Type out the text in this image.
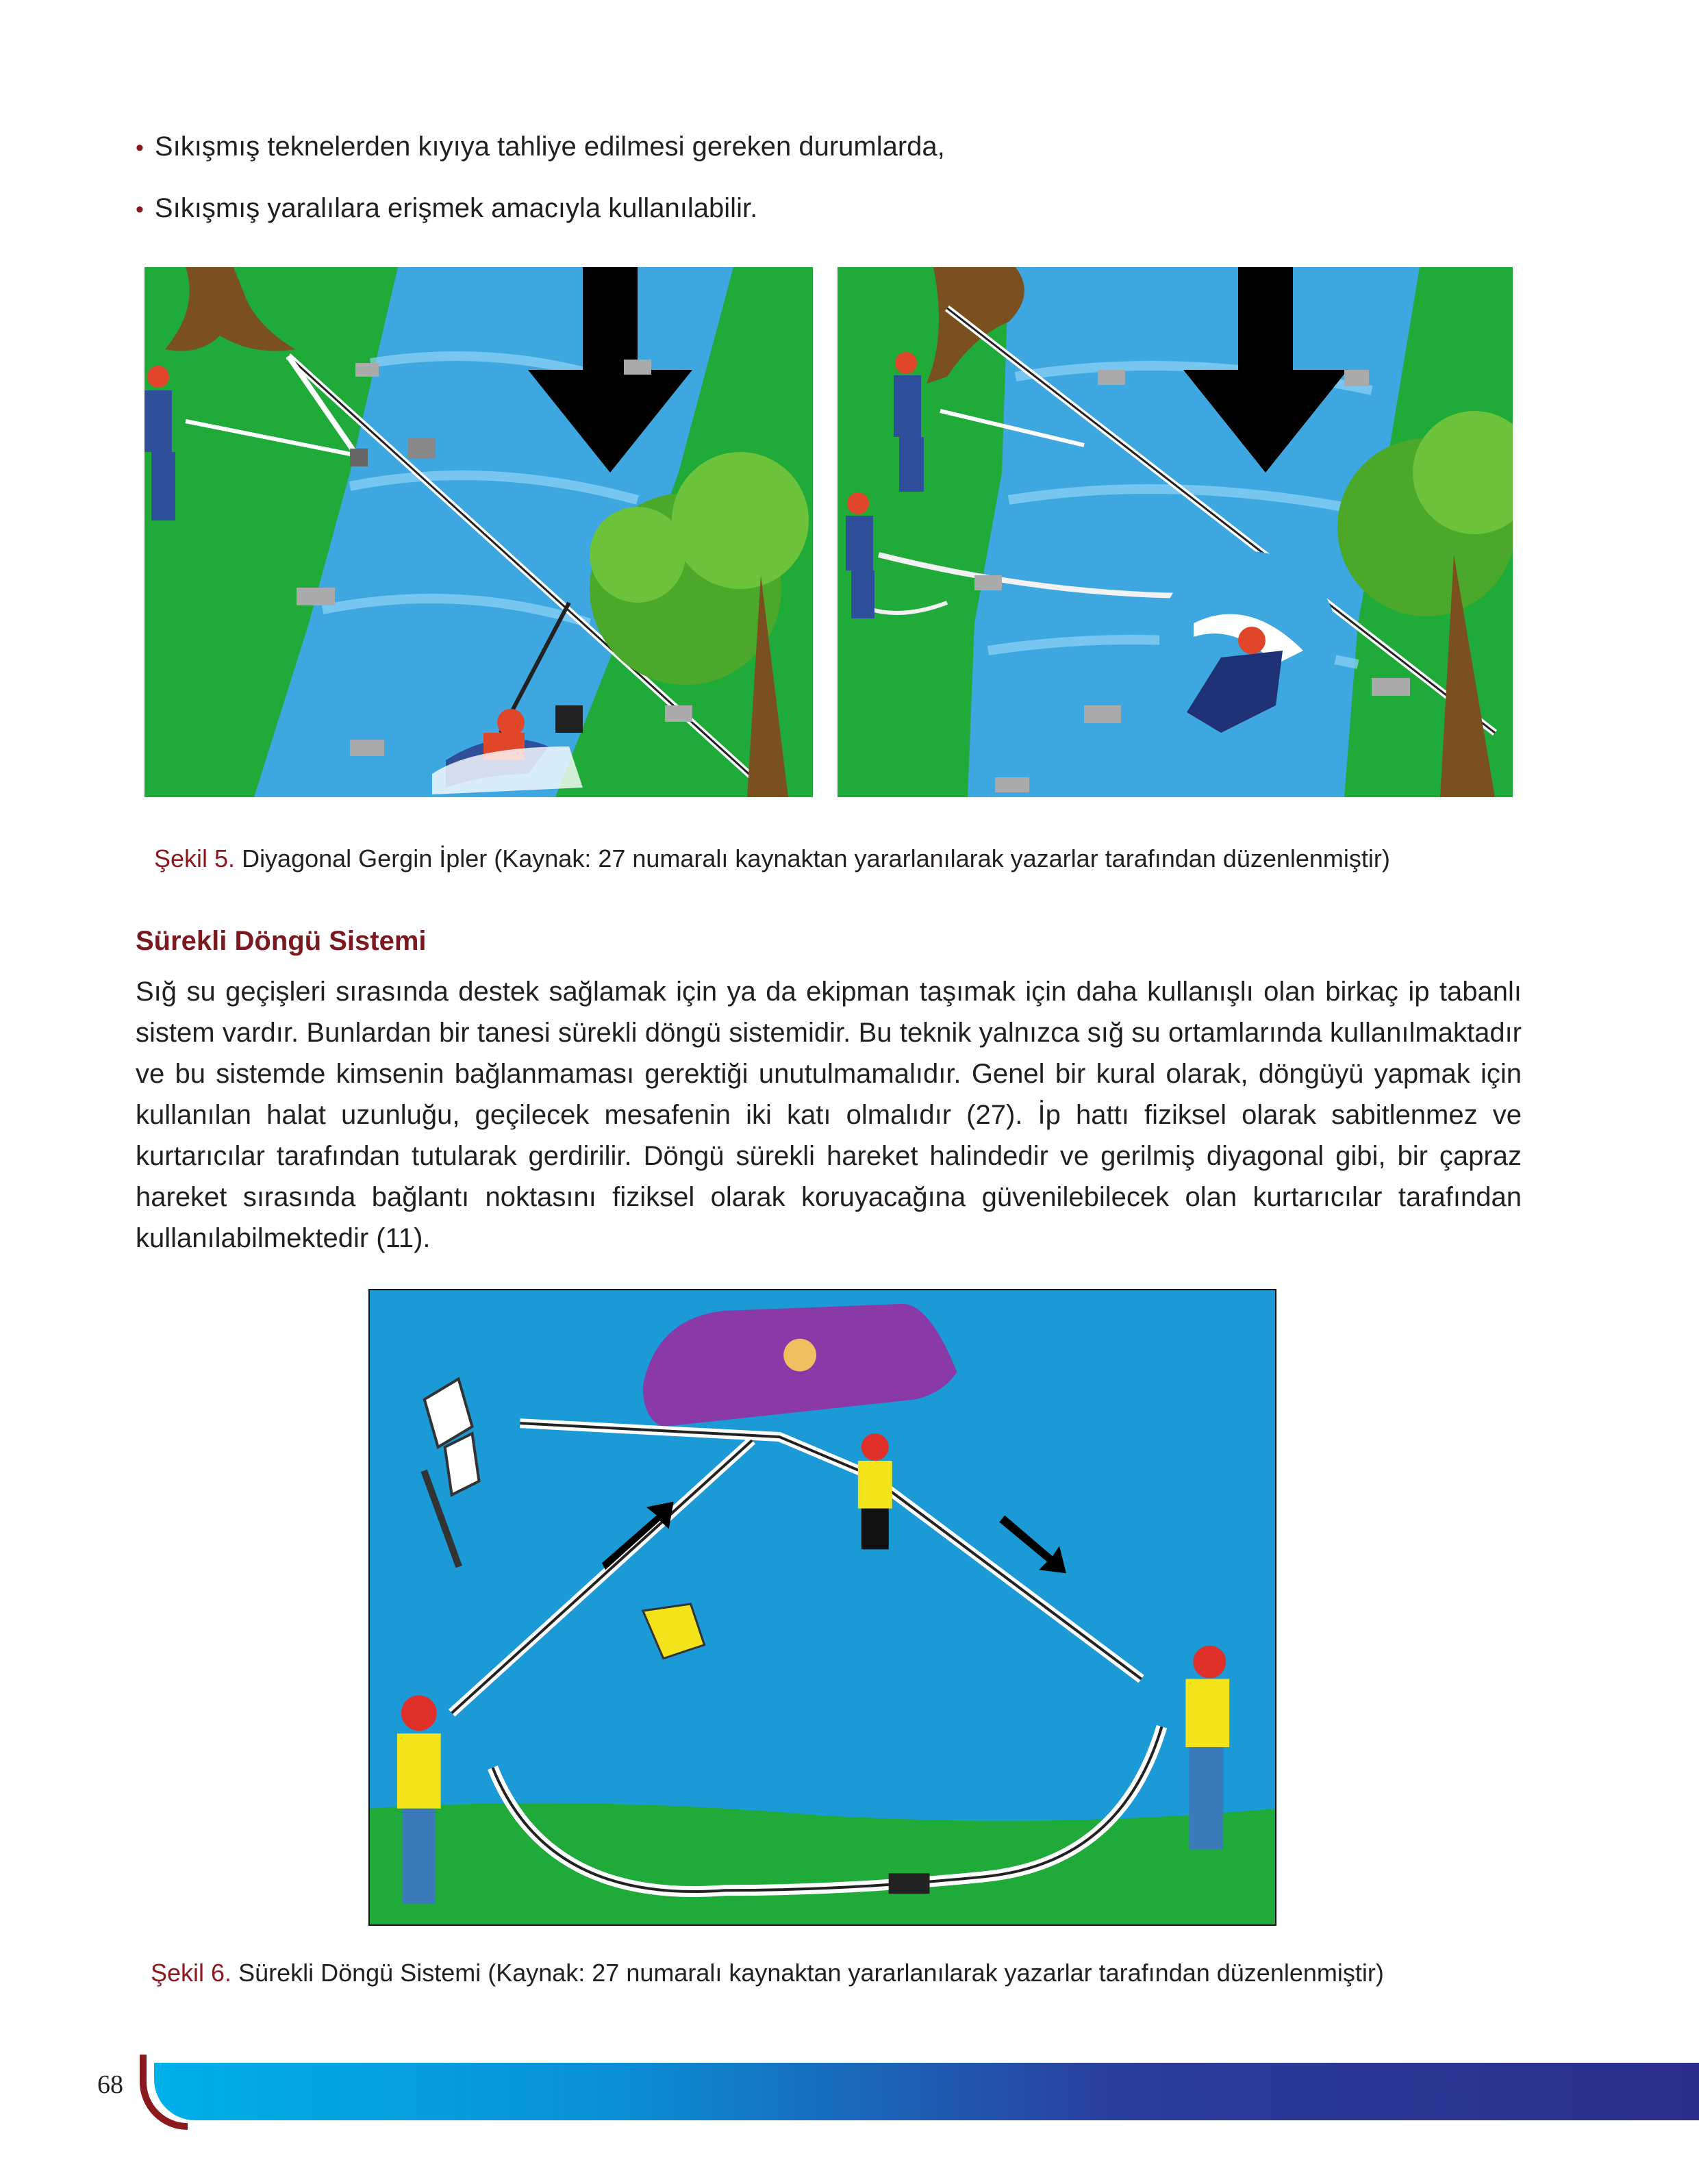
• Sıkışmış teknelerden kıyıya tahliye edilmesi gereken durumlarda,
• Sıkışmış yaralılara erişmek amacıyla kullanılabilir.
Şekil 5. Diyagonal Gergin İpler (Kaynak: 27 numaralı kaynaktan yararlanılarak yazarlar tarafından düzenlenmiştir)
Sürekli Döngü Sistemi
Sığ su geçişleri sırasında destek sağlamak için ya da ekipman taşımak için daha kullanışlı olan birkaç ip tabanlı sistem vardır. Bunlardan bir tanesi sürekli döngü sistemidir. Bu teknik yalnızca sığ su ortamlarında kullanılmaktadır ve bu sistemde kimsenin bağlanmaması gerektiği unutulmamalıdır. Genel bir kural olarak, döngüyü yapmak için kullanılan halat uzunluğu, geçilecek mesafenin iki katı olmalıdır (27). İp hattı fiziksel olarak sabitlenmez ve kurtarıcılar tarafından tutularak gerdirilir. Döngü sürekli hareket halindedir ve gerilmiş diyagonal gibi, bir çapraz hareket sırasında bağlantı noktasını fiziksel olarak koruyacağına güvenilebilecek olan kurtarıcılar tarafından kullanılabilmektedir (11).
Şekil 6. Sürekli Döngü Sistemi (Kaynak: 27 numaralı kaynaktan yararlanılarak yazarlar tarafından düzenlenmiştir)
68
